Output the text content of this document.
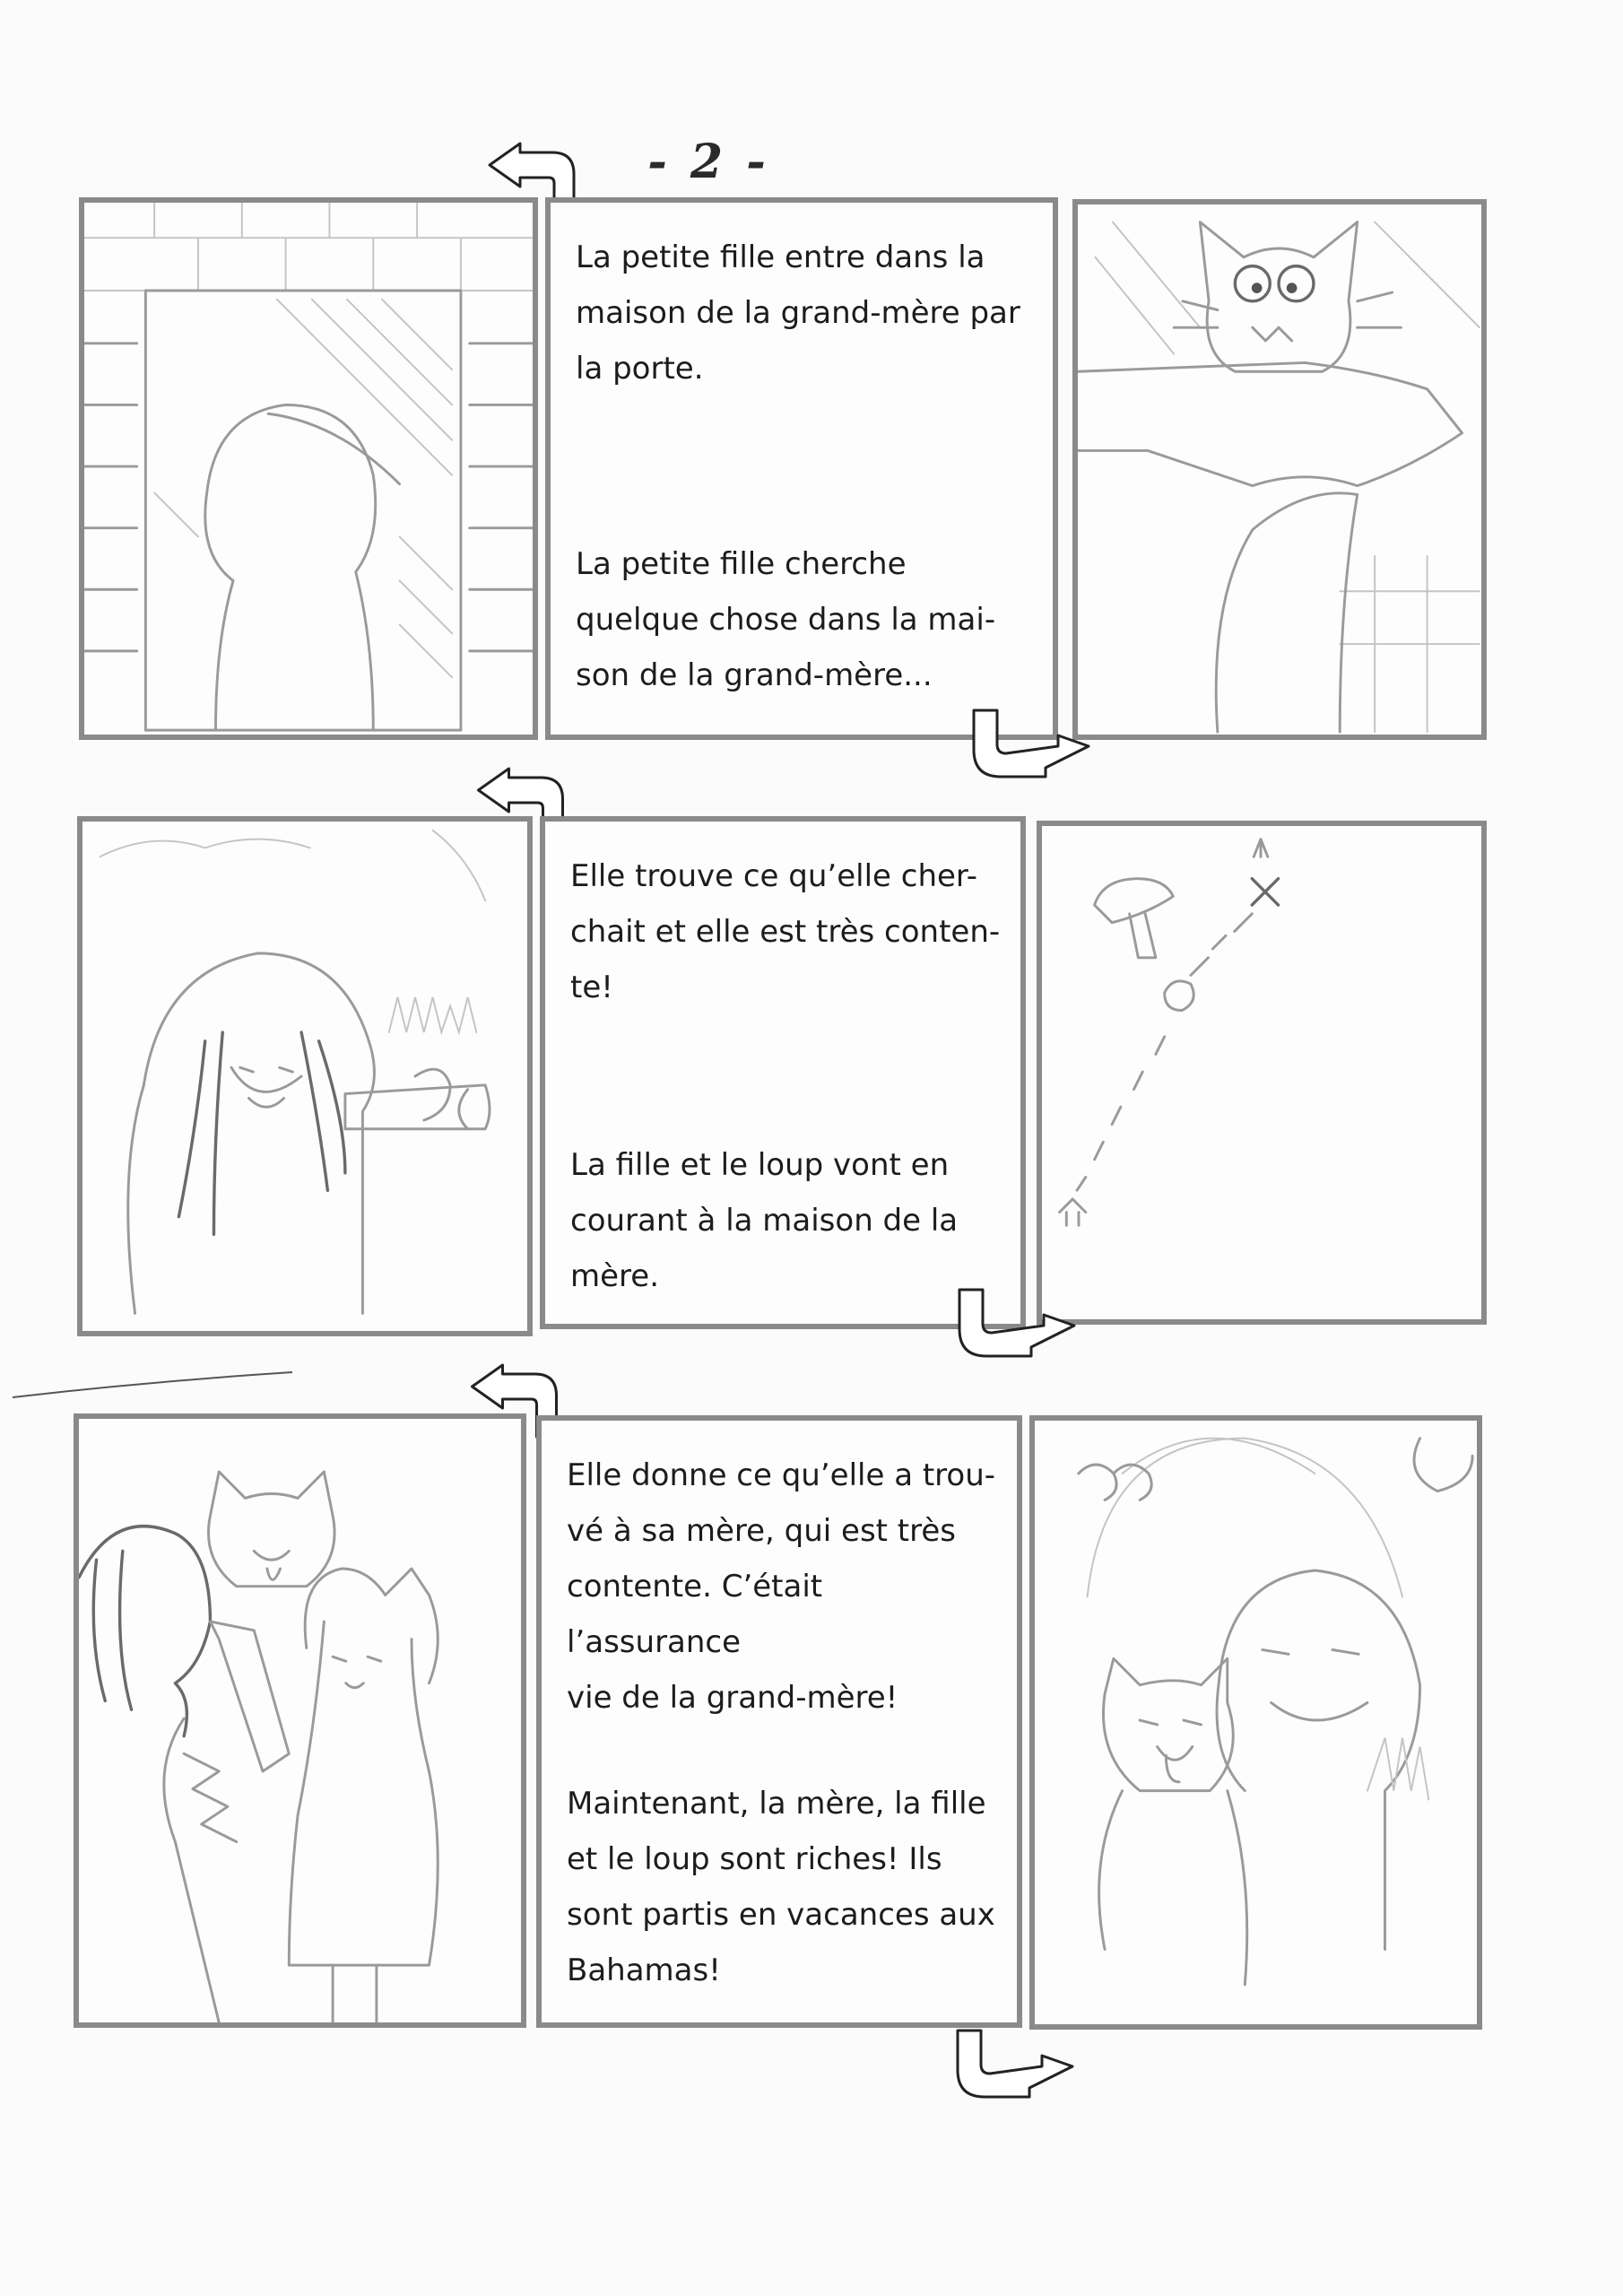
- 2 -
La petite fille entre dans la
maison de la grand-mère par
la porte.
La petite fille cherche
quelque chose dans la mai-
son de la grand-mère...
Elle trouve ce qu’elle cher-
chait et elle est très conten-
te!
La fille et le loup vont en
courant à la maison de la
mère.
Elle donne ce qu’elle a trou-
vé à sa mère, qui est très
contente. C’était l’assurance
vie de la grand-mère!
Maintenant, la mère, la fille
et le loup sont riches! Ils
sont partis en vacances aux
Bahamas!
